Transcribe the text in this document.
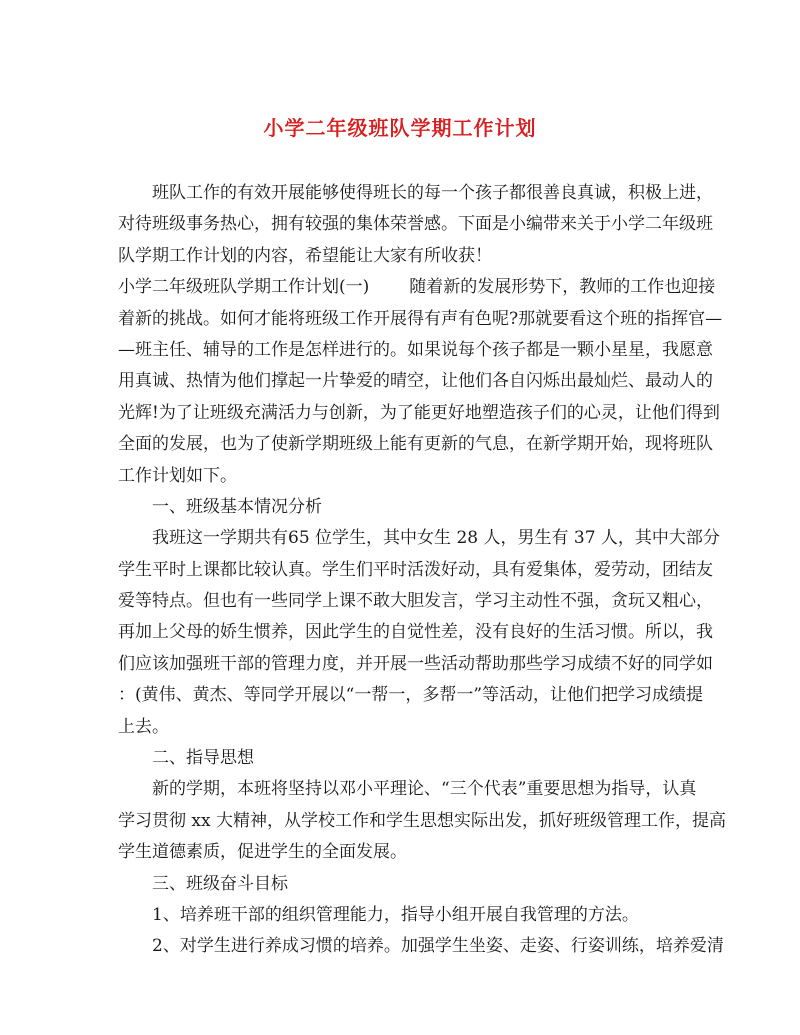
小学二年级班队学期工作计划
班队工作的有效开展能够使得班长的每一个孩子都很善良真诚，积极上进，
对待班级事务热心，拥有较强的集体荣誉感。下面是小编带来关于小学二年级班
队学期工作计划的内容，希望能让大家有所收获！
小学二年级班队学期工作计划(一) 随着新的发展形势下，教师的工作也迎接
着新的挑战。如何才能将班级工作开展得有声有色呢?那就要看这个班的指挥官—
—班主任、辅导的工作是怎样进行的。如果说每个孩子都是一颗小星星，我愿意
用真诚、热情为他们撑起一片挚爱的晴空，让他们各自闪烁出最灿烂、最动人的
光辉!为了让班级充满活力与创新，为了能更好地塑造孩子们的心灵，让他们得到
全面的发展，也为了使新学期班级上能有更新的气息，在新学期开始，现将班队
工作计划如下。
一、班级基本情况分析
我班这一学期共有65 位学生，其中女生 28 人，男生有 37 人，其中大部分
学生平时上课都比较认真。学生们平时活泼好动，具有爱集体，爱劳动，团结友
爱等特点。但也有一些同学上课不敢大胆发言，学习主动性不强，贪玩又粗心，
再加上父母的娇生惯养，因此学生的自觉性差，没有良好的生活习惯。所以，我
们应该加强班干部的管理力度，并开展一些活动帮助那些学习成绩不好的同学如
：(黄伟、黄杰、等同学开展以“一帮一，多帮一”等活动，让他们把学习成绩提
上去。
二、指导思想
新的学期，本班将坚持以邓小平理论、“三个代表”重要思想为指导，认真
学习贯彻 xx 大精神，从学校工作和学生思想实际出发，抓好班级管理工作，提高
学生道德素质，促进学生的全面发展。
三、班级奋斗目标
1、培养班干部的组织管理能力，指导小组开展自我管理的方法。
2、对学生进行养成习惯的培养。加强学生坐姿、走姿、行姿训练，培养爱清
